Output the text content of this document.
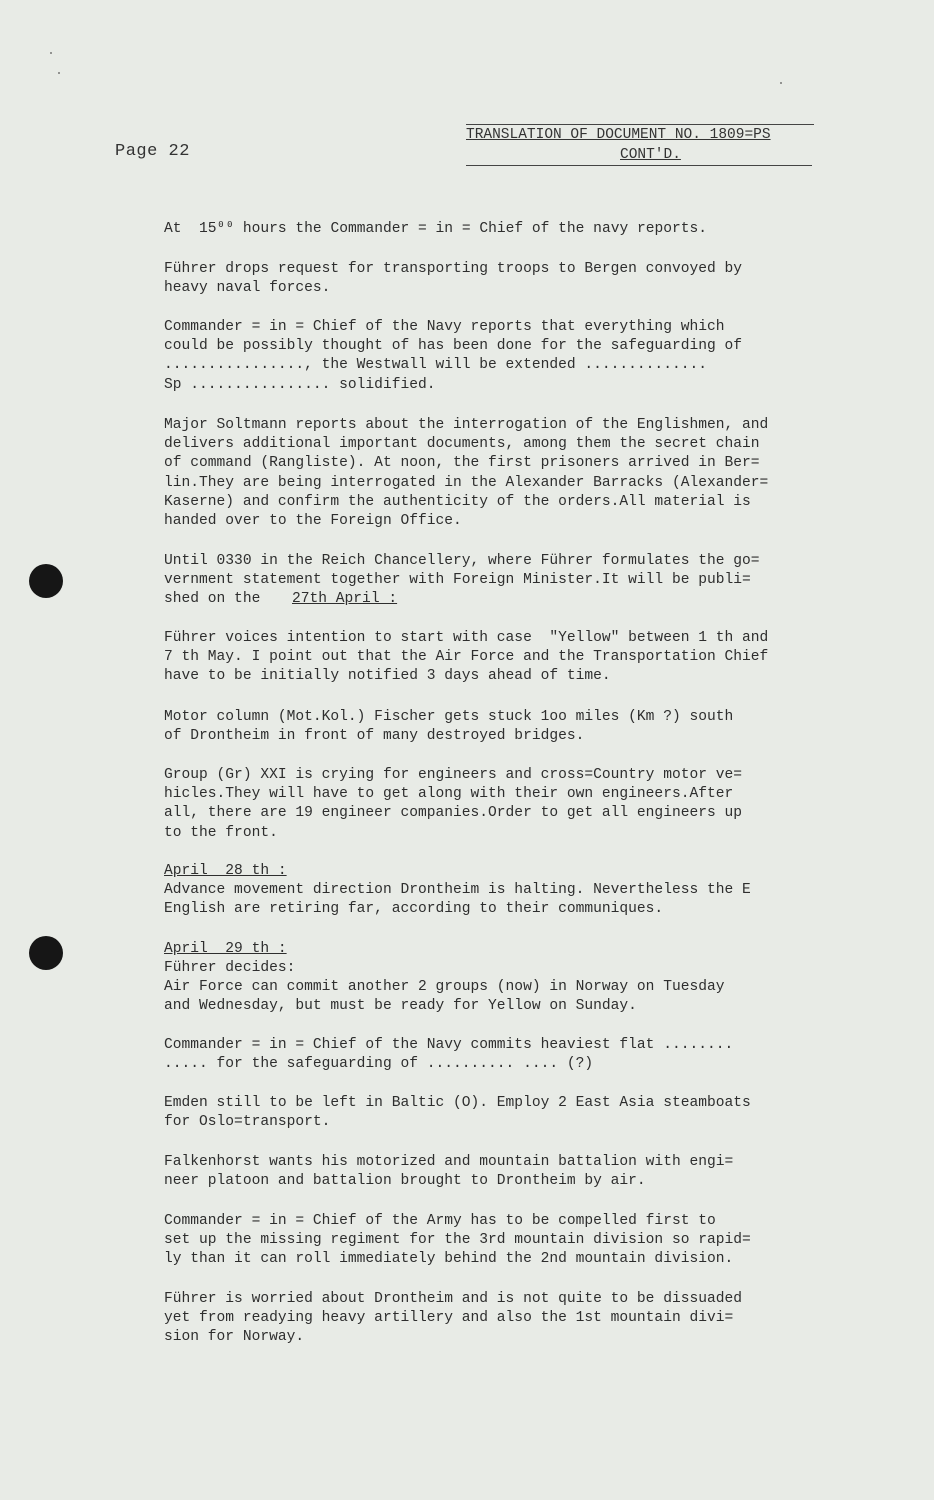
Page 22
TRANSLATION OF DOCUMENT NO. 1809=PS
CONT'D.

At  15⁰⁰ hours the Commander = in = Chief of the navy reports.

Führer drops request for transporting troops to Bergen convoyed by
heavy naval forces.

Commander = in = Chief of the Navy reports that everything which
could be possibly thought of has been done for the safeguarding of
................, the Westwall will be extended ..............
Sp ................ solidified.

Major Soltmann reports about the interrogation of the Englishmen, and
delivers additional important documents, among them the secret chain
of command (Rangliste). At noon, the first prisoners arrived in Ber=
lin.They are being interrogated in the Alexander Barracks (Alexander=
Kaserne) and confirm the authenticity of the orders.All material is
handed over to the Foreign Office.

Until 0330 in the Reich Chancellery, where Führer formulates the go=
vernment statement together with Foreign Minister.It will be publi=
shed on the	27th April :

Führer voices intention to start with case  "Yellow" between 1 th and
7 th May. I point out that the Air Force and the Transportation Chief
have to be initially notified 3 days ahead of time.

Motor column (Mot.Kol.) Fischer gets stuck 1oo miles (Km ?) south
of Drontheim in front of many destroyed bridges.

Group (Gr) XXI is crying for engineers and cross=Country motor ve=
hicles.They will have to get along with their own engineers.After
all, there are 19 engineer companies.Order to get all engineers up
to the front.

April  28 th :

Advance movement direction Drontheim is halting. Nevertheless the E
English are retiring far, according to their communiques.

April  29 th :

Führer decides:
Air Force can commit another 2 groups (now) in Norway on Tuesday
and Wednesday, but must be ready for Yellow on Sunday.

Commander = in = Chief of the Navy commits heaviest flat ........
..... for the safeguarding of .......... .... (?)

Emden still to be left in Baltic (O). Employ 2 East Asia steamboats
for Oslo=transport.

Falkenhorst wants his motorized and mountain battalion with engi=
neer platoon and battalion brought to Drontheim by air.

Commander = in = Chief of the Army has to be compelled first to
set up the missing regiment for the 3rd mountain division so rapid=
ly than it can roll immediately behind the 2nd mountain division.

Führer is worried about Drontheim and is not quite to be dissuaded
yet from readying heavy artillery and also the 1st mountain divi=
sion for Norway.
